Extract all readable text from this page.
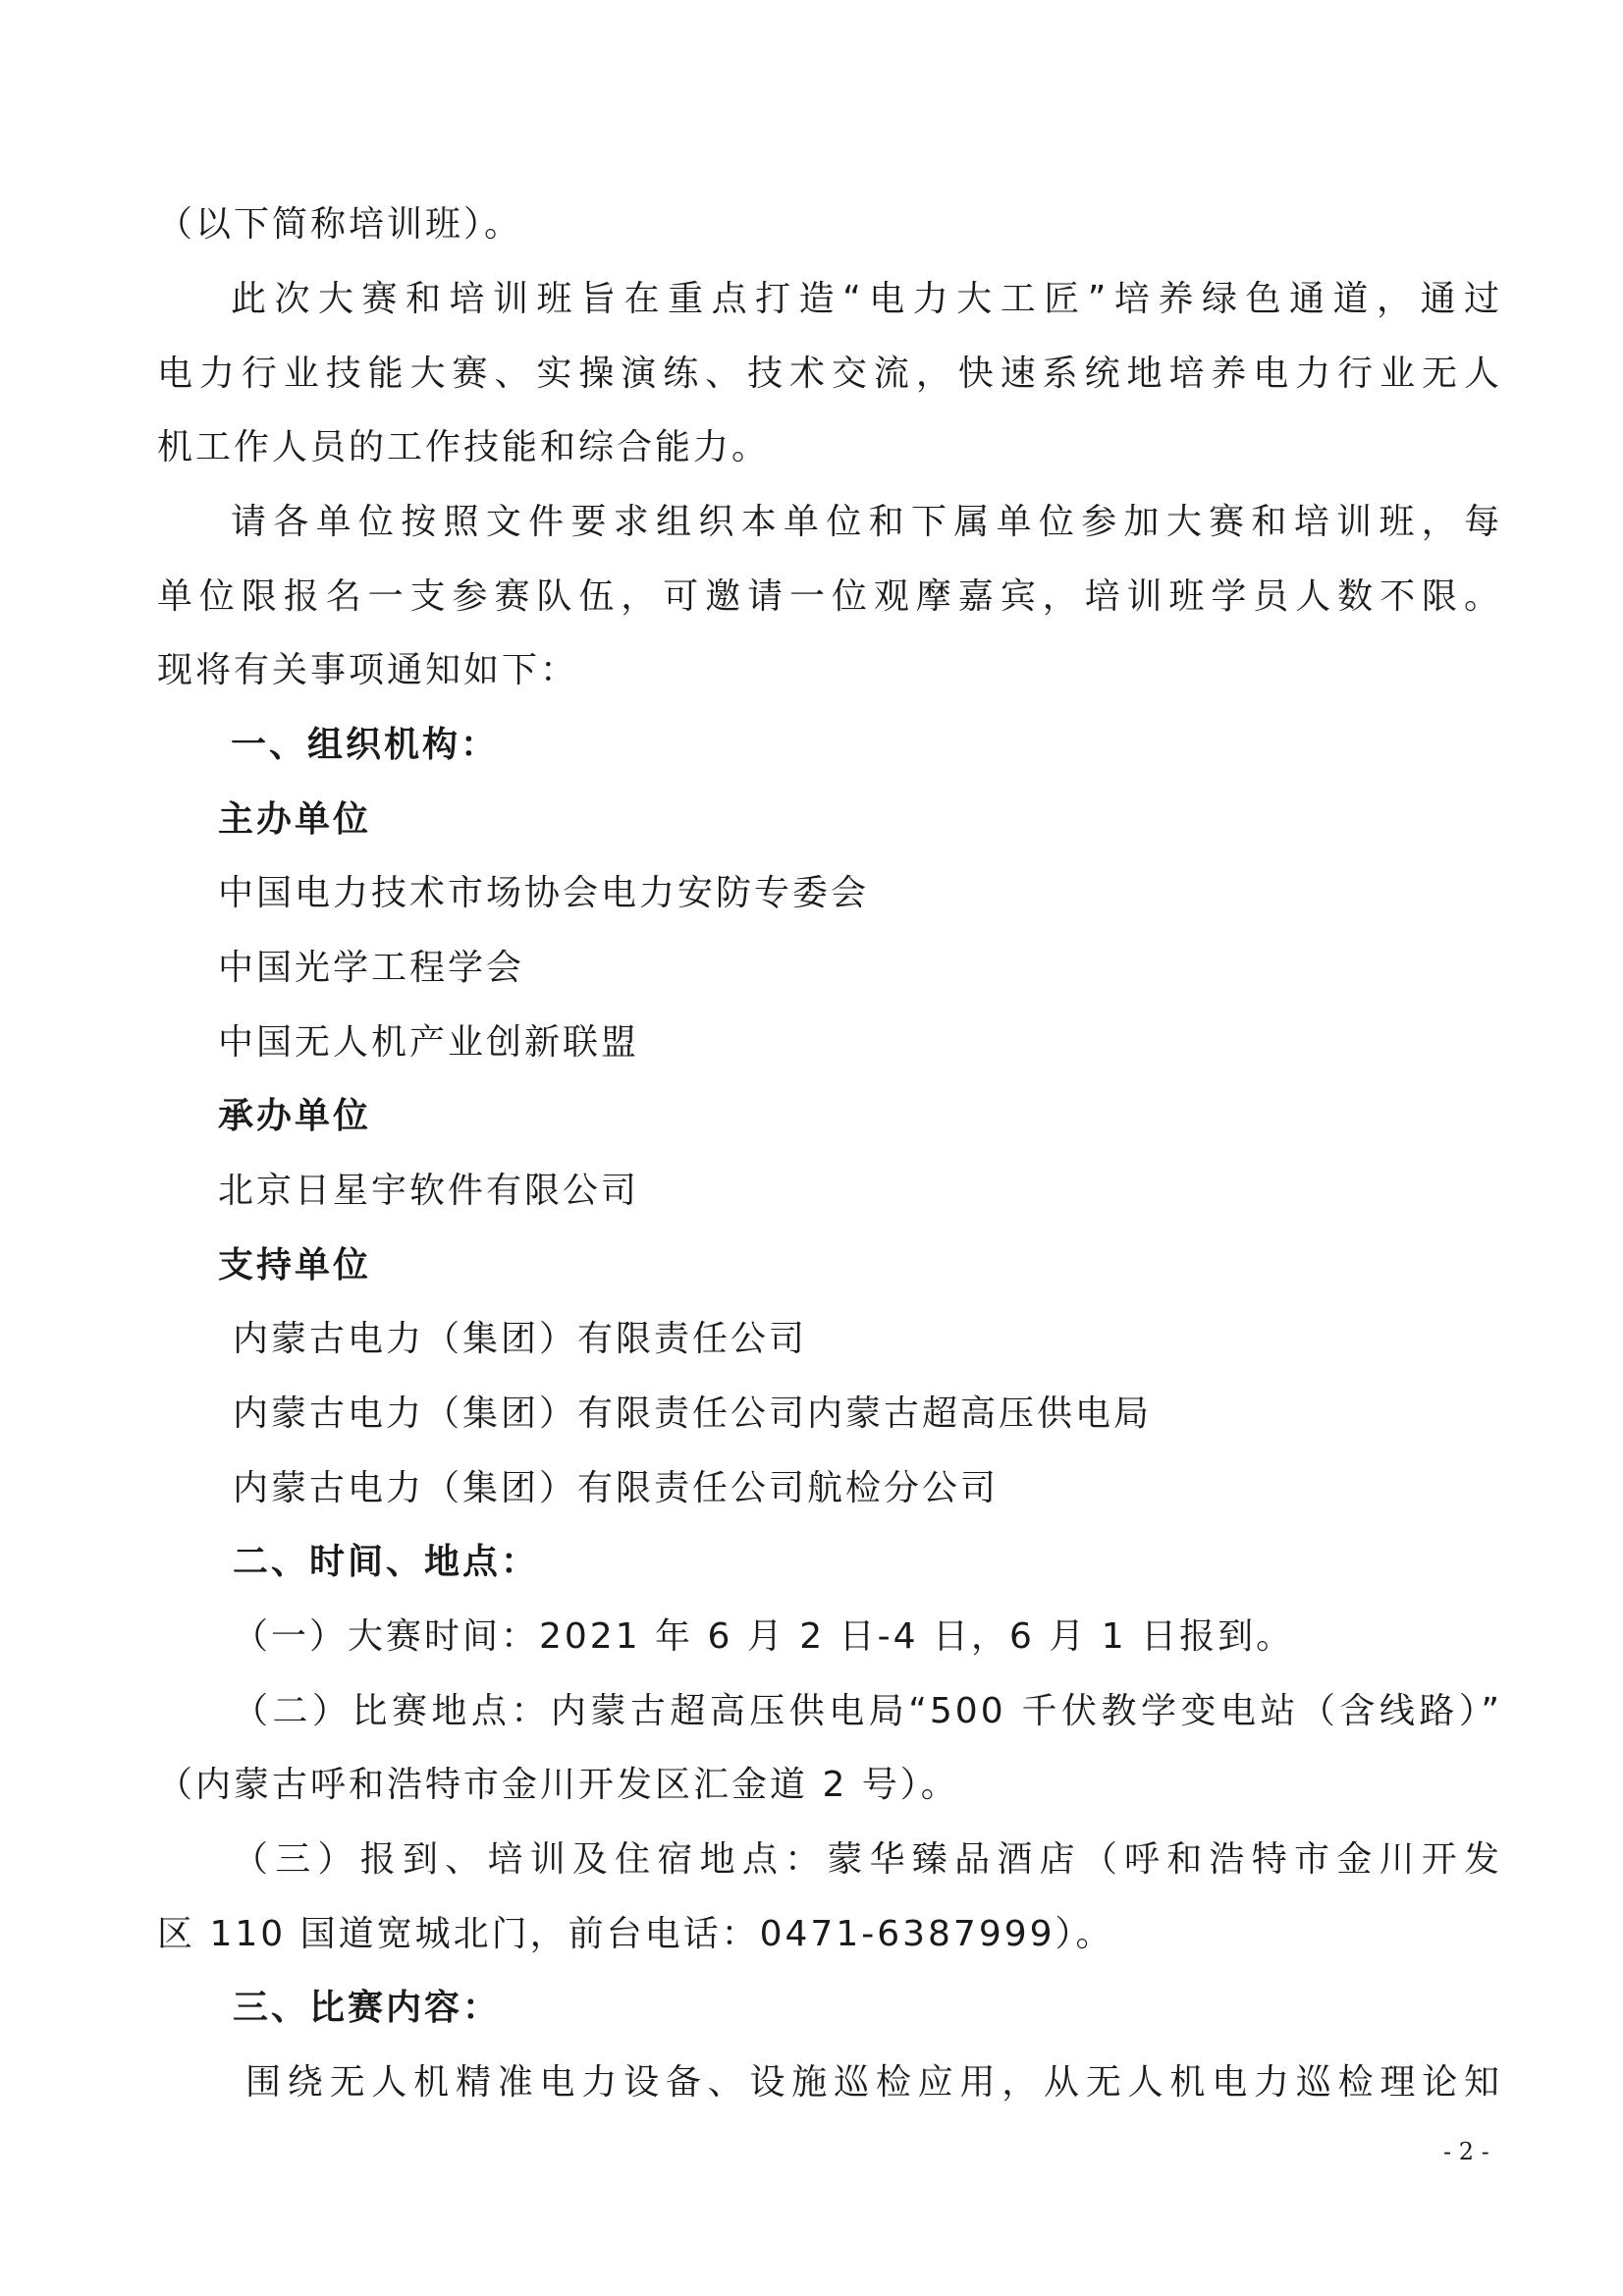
（以下简称培训班）。
此次大赛和培训班旨在重点打造“电力大工匠”培养绿色通道，通过
电力行业技能大赛、实操演练、技术交流，快速系统地培养电力行业无人
机工作人员的工作技能和综合能力。
请各单位按照文件要求组织本单位和下属单位参加大赛和培训班，每
单位限报名一支参赛队伍，可邀请一位观摩嘉宾，培训班学员人数不限。
现将有关事项通知如下：
一、组织机构：
主办单位
中国电力技术市场协会电力安防专委会
中国光学工程学会
中国无人机产业创新联盟
承办单位
北京日星宇软件有限公司
支持单位
内蒙古电力（集团）有限责任公司
内蒙古电力（集团）有限责任公司内蒙古超高压供电局
内蒙古电力（集团）有限责任公司航检分公司
二、时间、地点：
（一）大赛时间：2021 年 6 月 2 日-4 日，6 月 1 日报到。
（二）比赛地点：内蒙古超高压供电局“500 千伏教学变电站（含线路）”
（内蒙古呼和浩特市金川开发区汇金道 2 号）。
（三）报到、培训及住宿地点：蒙华臻品酒店（呼和浩特市金川开发
区 110 国道宽城北门，前台电话：0471-6387999）。
三、比赛内容：
围绕无人机精准电力设备、设施巡检应用，从无人机电力巡检理论知
- 2 -
